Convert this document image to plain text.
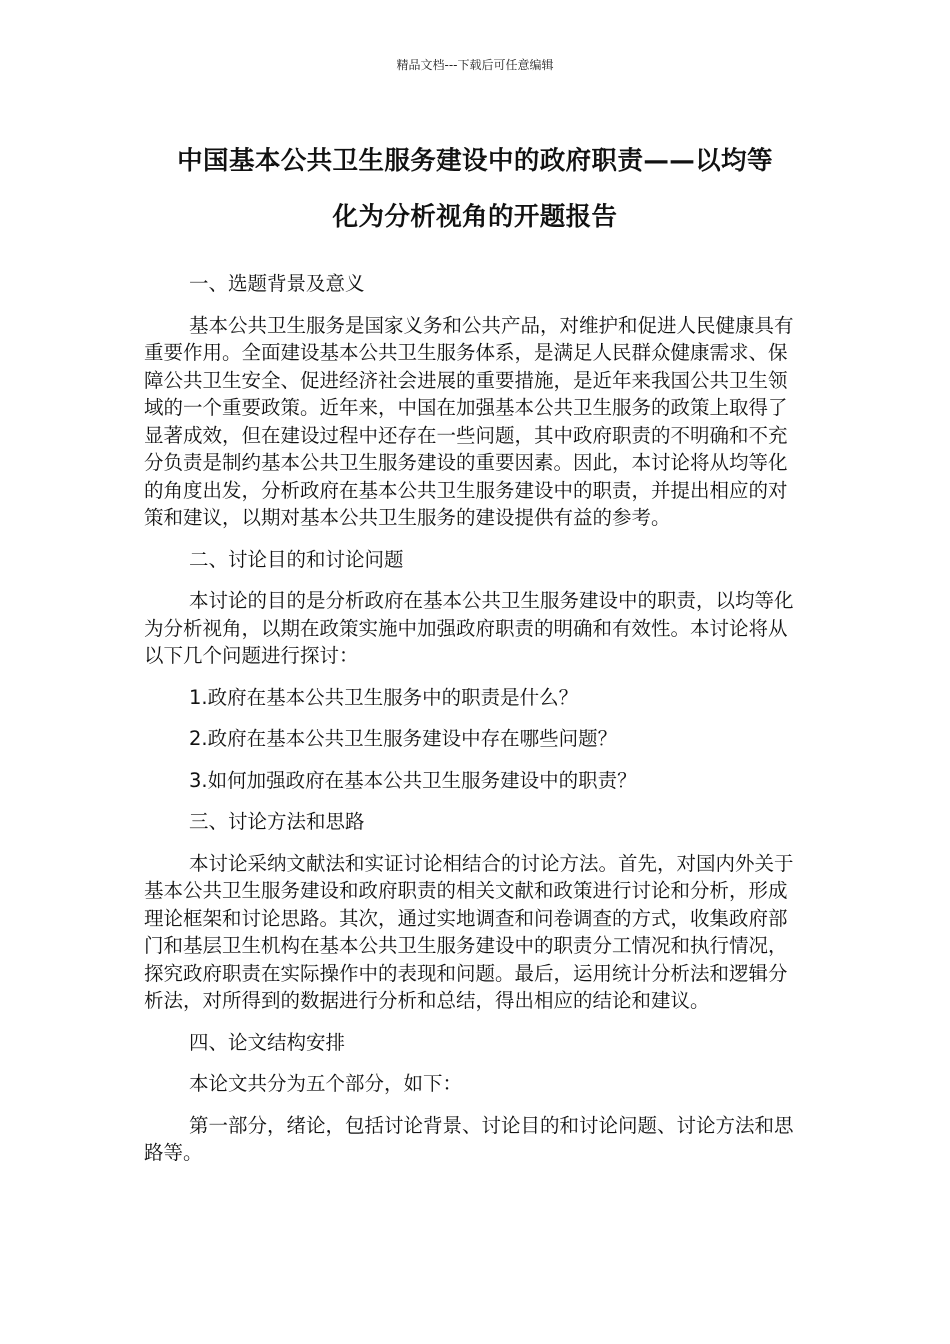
精品文档---下载后可任意编辑
中国基本公共卫生服务建设中的政府职责——以均等
化为分析视角的开题报告

一、选题背景及意义

基本公共卫生服务是国家义务和公共产品，对维护和促进人民健康具有重要作用。全面建设基本公共卫生服务体系，是满足人民群众健康需求、保障公共卫生安全、促进经济社会进展的重要措施，是近年来我国公共卫生领域的一个重要政策。近年来，中国在加强基本公共卫生服务的政策上取得了显著成效，但在建设过程中还存在一些问题，其中政府职责的不明确和不充分负责是制约基本公共卫生服务建设的重要因素。因此，本讨论将从均等化的角度出发，分析政府在基本公共卫生服务建设中的职责，并提出相应的对策和建议，以期对基本公共卫生服务的建设提供有益的参考。

二、讨论目的和讨论问题

本讨论的目的是分析政府在基本公共卫生服务建设中的职责，以均等化为分析视角，以期在政策实施中加强政府职责的明确和有效性。本讨论将从以下几个问题进行探讨：

1.政府在基本公共卫生服务中的职责是什么？

2.政府在基本公共卫生服务建设中存在哪些问题？

3.如何加强政府在基本公共卫生服务建设中的职责？

三、讨论方法和思路

本讨论采纳文献法和实证讨论相结合的讨论方法。首先，对国内外关于基本公共卫生服务建设和政府职责的相关文献和政策进行讨论和分析，形成理论框架和讨论思路。其次，通过实地调查和问卷调查的方式，收集政府部门和基层卫生机构在基本公共卫生服务建设中的职责分工情况和执行情况，探究政府职责在实际操作中的表现和问题。最后，运用统计分析法和逻辑分析法，对所得到的数据进行分析和总结，得出相应的结论和建议。

四、论文结构安排

本论文共分为五个部分，如下：

第一部分，绪论，包括讨论背景、讨论目的和讨论问题、讨论方法和思路等。
